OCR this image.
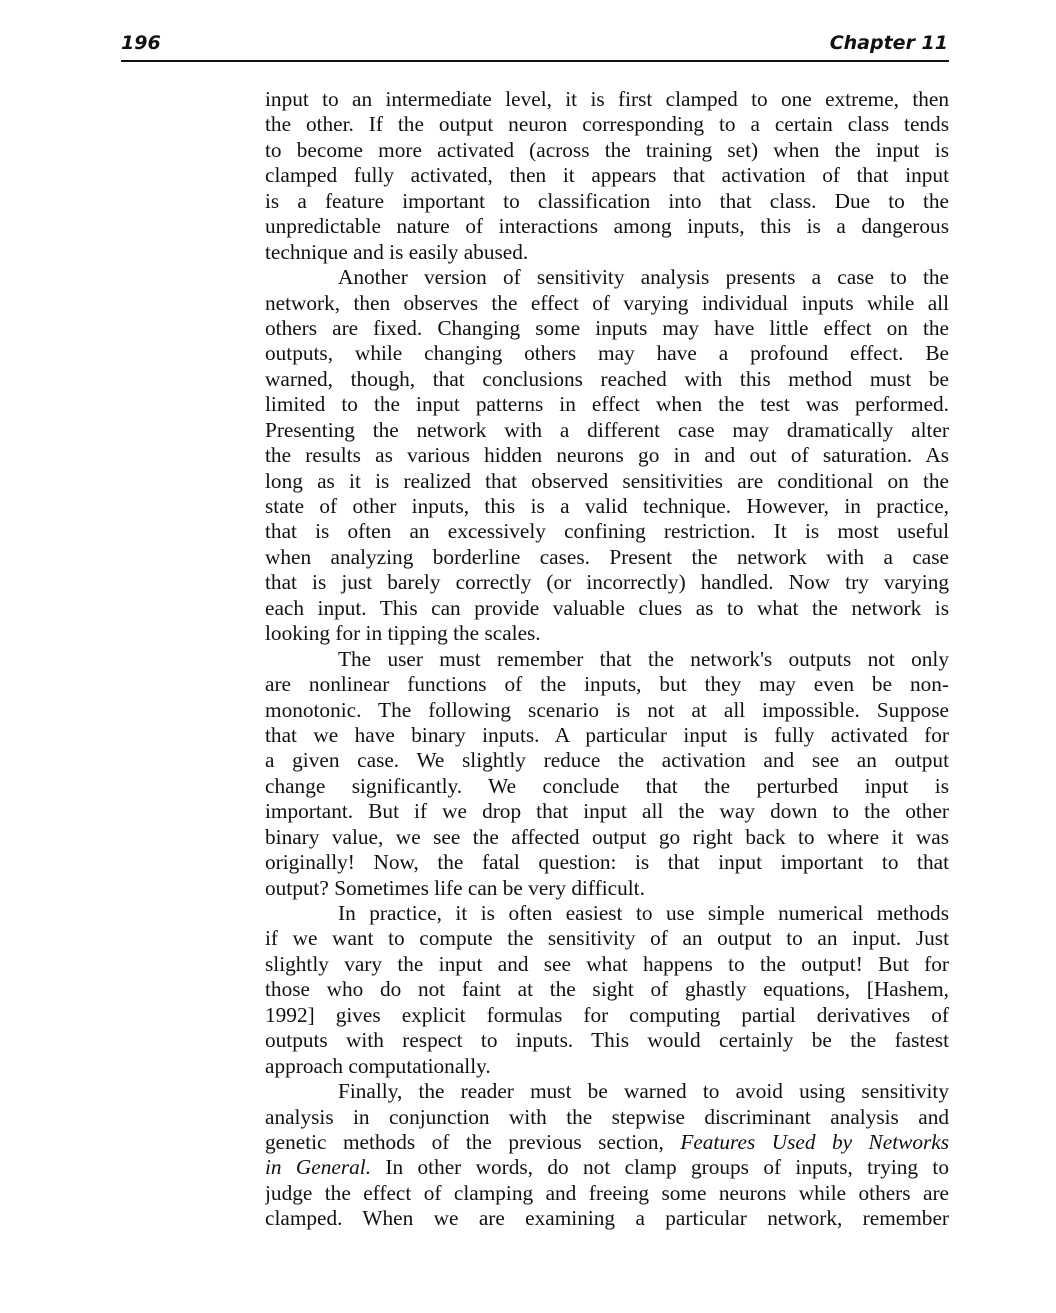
196	Chapter 11
input to an intermediate level, it is first clamped to one extreme, then
the other. If the output neuron corresponding to a certain class tends
to become more activated (across the training set) when the input is
clamped fully activated, then it appears that activation of that input
is a feature important to classification into that class. Due to the
unpredictable nature of interactions among inputs, this is a dangerous
technique and is easily abused.
Another version of sensitivity analysis presents a case to the
network, then observes the effect of varying individual inputs while all
others are fixed. Changing some inputs may have little effect on the
outputs, while changing others may have a profound effect. Be
warned, though, that conclusions reached with this method must be
limited to the input patterns in effect when the test was performed.
Presenting the network with a different case may dramatically alter
the results as various hidden neurons go in and out of saturation. As
long as it is realized that observed sensitivities are conditional on the
state of other inputs, this is a valid technique. However, in practice,
that is often an excessively confining restriction. It is most useful
when analyzing borderline cases. Present the network with a case
that is just barely correctly (or incorrectly) handled. Now try varying
each input. This can provide valuable clues as to what the network is
looking for in tipping the scales.
The user must remember that the network's outputs not only
are nonlinear functions of the inputs, but they may even be non-
monotonic. The following scenario is not at all impossible. Suppose
that we have binary inputs. A particular input is fully activated for
a given case. We slightly reduce the activation and see an output
change significantly. We conclude that the perturbed input is
important. But if we drop that input all the way down to the other
binary value, we see the affected output go right back to where it was
originally! Now, the fatal question: is that input important to that
output? Sometimes life can be very difficult.
In practice, it is often easiest to use simple numerical methods
if we want to compute the sensitivity of an output to an input. Just
slightly vary the input and see what happens to the output! But for
those who do not faint at the sight of ghastly equations, [Hashem,
1992] gives explicit formulas for computing partial derivatives of
outputs with respect to inputs. This would certainly be the fastest
approach computationally.
Finally, the reader must be warned to avoid using sensitivity
analysis in conjunction with the stepwise discriminant analysis and
genetic methods of the previous section, Features Used by Networks
in General. In other words, do not clamp groups of inputs, trying to
judge the effect of clamping and freeing some neurons while others are
clamped. When we are examining a particular network, remember
